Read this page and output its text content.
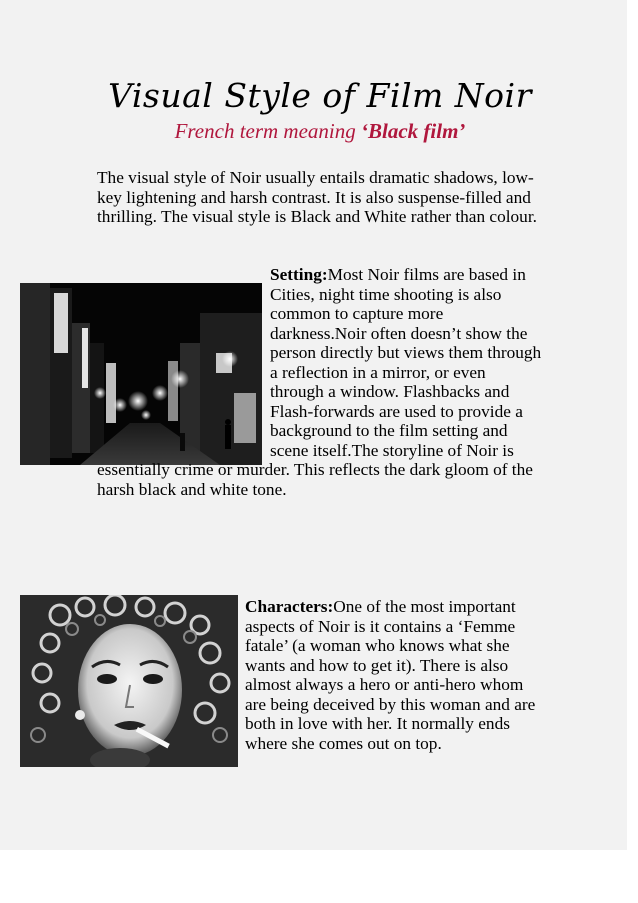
Visual Style of Film Noir
French term meaning ‘Black film’
The visual style of Noir usually entails dramatic shadows, low-key lightening and harsh contrast. It is also suspense-filled and thrilling. The visual style is Black and White rather than colour.
Setting:Most Noir films are based in Cities, night time shooting is also common to capture more darkness.Noir often doesn’t show the person directly but views them through a reflection in a mirror, or even through a window. Flashbacks and Flash-forwards are used to provide a background to the film setting and scene itself.The storyline of Noir is essentially crime or murder. This reflects the dark gloom of the harsh black and white tone.
Characters:One of the most important aspects of Noir is it contains a ‘Femme fatale’ (a woman who knows what she wants and how to get it). There is also almost always a hero or anti-hero whom are being deceived by this woman and are both in love with her. It normally ends where she comes out on top.
